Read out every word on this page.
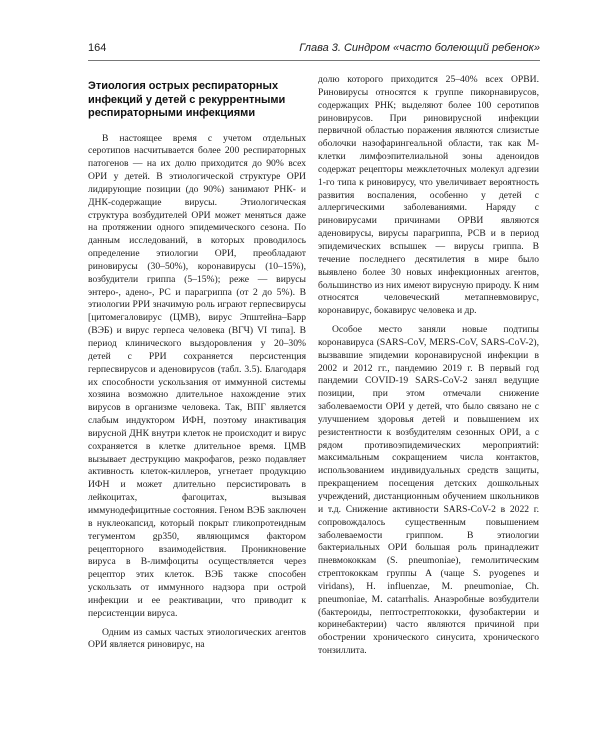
164	Глава 3. Синдром «часто болеющий ребенок»
Этиология острых респираторных инфекций у детей с рекуррентными респираторными инфекциями

В настоящее время с учетом отдельных серотипов насчитывается более 200 респираторных патогенов — на их долю приходится до 90% всех ОРИ у детей. В этиологической структуре ОРИ лидирующие позиции (до 90%) занимают РНК- и ДНК-содержащие вирусы. Этиологическая структура возбудителей ОРИ может меняться даже на протяжении одного эпидемического сезона. По данным исследований, в которых проводилось определение этиологии ОРИ, преобладают риновирусы (30–50%), коронавирусы (10–15%), возбудители гриппа (5–15%); реже — вирусы энтеро-, адено-, РС и парагриппа (от 2 до 5%). В этиологии РРИ значимую роль играют герпесвирусы [цитомегаловирус (ЦМВ), вирус Эпштейна–Барр (ВЭБ) и вирус герпеса человека (ВГЧ) VI типа]. В период клинического выздоровления у 20–30% детей с РРИ сохраняется персистенция герпесвирусов и аденовирусов (табл. 3.5). Благодаря их способности ускользания от иммунной системы хозяина возможно длительное нахождение этих вирусов в организме человека. Так, ВПГ является слабым индуктором ИФН, поэтому инактивация вирусной ДНК внутри клеток не происходит и вирус сохраняется в клетке длительное время. ЦМВ вызывает деструкцию макрофагов, резко подавляет активность клеток-киллеров, угнетает продукцию ИФН и может длительно персистировать в лейкоцитах, фагоцитах, вызывая иммунодефицитные состояния. Геном ВЭБ заключен в нуклеокапсид, который покрыт гликопротеидным тегументом gp350, являющимся фактором рецепторного взаимодействия. Проникновение вируса в В-лимфоциты осуществляется через рецептор этих клеток. ВЭБ также способен ускользать от иммунного надзора при острой инфекции и ее реактивации, что приводит к персистенции вируса.

Одним из самых частых этиологических агентов ОРИ является риновирус, на

долю которого приходится 25–40% всех ОРВИ. Риновирусы относятся к группе пикорнавирусов, содержащих РНК; выделяют более 100 серотипов риновирусов. При риновирусной инфекции первичной областью поражения являются слизистые оболочки назофарингеальной области, так как М-клетки лимфоэпителиальной зоны аденоидов содержат рецепторы межклеточных молекул адгезии 1-го типа к риновирусу, что увеличивает вероятность развития воспаления, особенно у детей с аллергическими заболеваниями. Наряду с риновирусами причинами ОРВИ являются аденовирусы, вирусы парагриппа, РСВ и в период эпидемических вспышек — вирусы гриппа. В течение последнего десятилетия в мире было выявлено более 30 новых инфекционных агентов, большинство из них имеют вирусную природу. К ним относятся человеческий метапневмовирус, коронавирус, бокавирус человека и др.

Особое место заняли новые подтипы коронавируса (SARS-CoV, MERS-CoV, SARS-CoV-2), вызвавшие эпидемии коронавирусной инфекции в 2002 и 2012 гг., пандемию 2019 г. В первый год пандемии COVID-19 SARS-CoV-2 занял ведущие позиции, при этом отмечали снижение заболеваемости ОРИ у детей, что было связано не с улучшением здоровья детей и повышением их резистентности к возбудителям сезонных ОРИ, а с рядом противоэпидемических мероприятий: максимальным сокращением числа контактов, использованием индивидуальных средств защиты, прекращением посещения детских дошкольных учреждений, дистанционным обучением школьников и т.д. Снижение активности SARS-CoV-2 в 2022 г. сопровождалось существенным повышением заболеваемости гриппом. В этиологии бактериальных ОРИ большая роль принадлежит пневмококкам (S. pneumoniae), гемолитическим стрептококкам группы А (чаще S. pyogenes и viridans), H. influenzae, M. pneumoniae, Ch. pneumoniae, M. catarrhalis. Анаэробные возбудители (бактероиды, пептострептококки, фузобактерии и коринебактерии) часто являются причиной при обострении хронического синусита, хронического тонзиллита.
